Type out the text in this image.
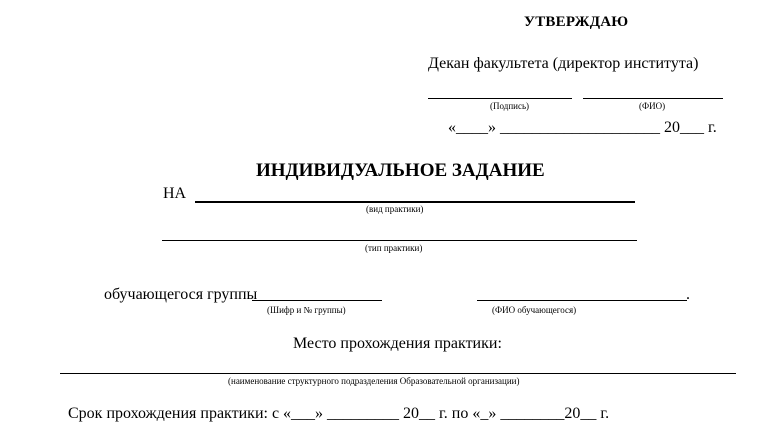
УТВЕРЖДАЮ
Декан факультета (директор института)
(Подпись)	(ФИО)
«____» ____________________ 20___ г.
ИНДИВИДУАЛЬНОЕ ЗАДАНИЕ
НА
(вид практики)
(тип практики)
обучающегося группы
(Шифр и № группы)
.
(ФИО обучающегося)
Место прохождения практики:
(наименование структурного подразделения Образовательной организации)
Срок прохождения практики: с «___» _________ 20__ г. по «_» ________20__ г.
